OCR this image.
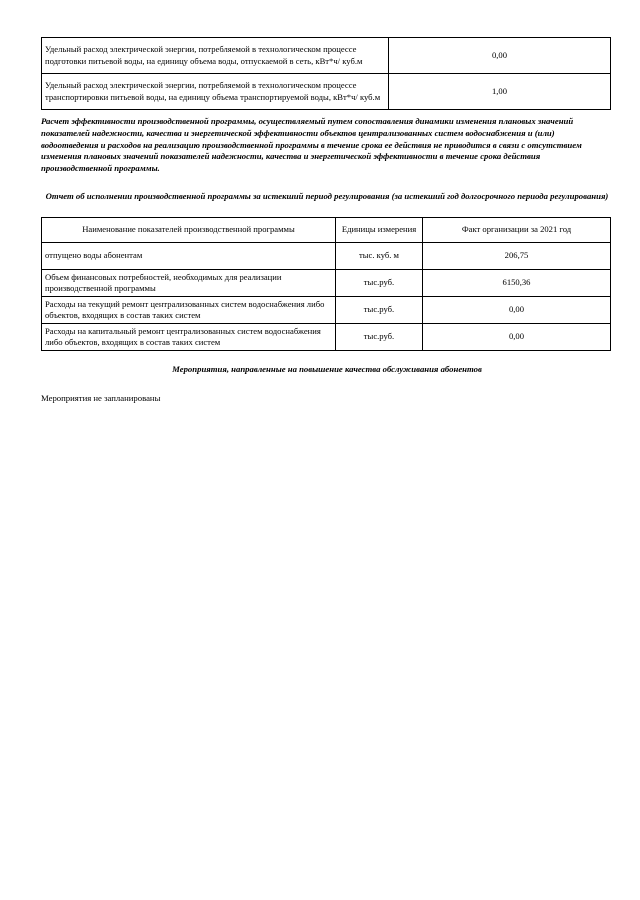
Удельный расход электрической энергии, потребляемой в технологическом процессе подготовки питьевой воды, на единицу объема воды, отпускаемой в сеть, кВт*ч/ куб.м	0,00
Удельный расход электрической энергии, потребляемой в технологическом процессе транспортировки питьевой воды, на единицу объема транспортируемой воды, кВт*ч/ куб.м	1,00
Расчет эффективности производственной программы, осуществляемый путем сопоставления динамики изменения плановых значений показателей надежности, качества и энергетической эффективности объектов централизованных систем водоснабжения и (или) водоотведения и расходов на реализацию производственной программы в течение срока ее действия не приводится в связи с отсутствием изменения плановых значений показателей надежности, качества и энергетической эффективности в течение срока действия производственной программы.
Отчет об исполнении производственной программы за истекший период регулирования (за истекший год долгосрочного периода регулирования)
Наименование показателей производственной программы	Единицы измерения	Факт организации за 2021 год
отпущено воды абонентам	тыс. куб. м	206,75
Объем финансовых потребностей, необходимых для реализации производственной программы	тыс.руб.	6150,36
Расходы на текущий ремонт централизованных систем водоснабжения либо объектов, входящих в состав таких систем	тыс.руб.	0,00
Расходы на капитальный ремонт централизованных систем водоснабжения либо объектов, входящих в состав таких систем	тыс.руб.	0,00
Мероприятия, направленные на повышение качества обслуживания абонентов
Мероприятия не запланированы
